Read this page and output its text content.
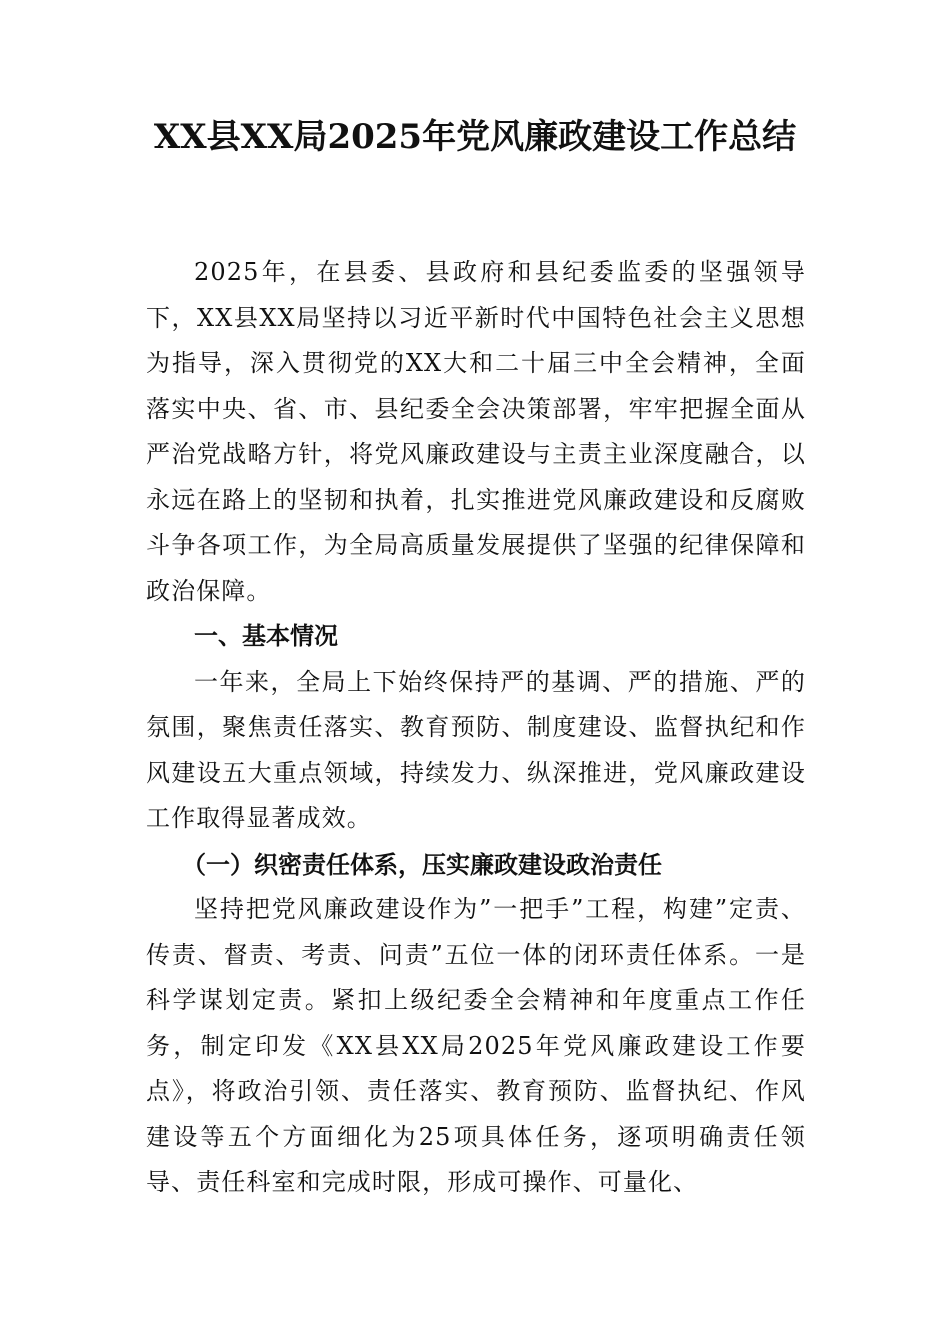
XX县XX局2025年党风廉政建设工作总结

2025年，在县委、县政府和县纪委监委的坚强领导下，XX县XX局坚持以习近平新时代中国特色社会主义思想为指导，深入贯彻党的XX大和二十届三中全会精神，全面落实中央、省、市、县纪委全会决策部署，牢牢把握全面从严治党战略方针，将党风廉政建设与主责主业深度融合，以永远在路上的坚韧和执着，扎实推进党风廉政建设和反腐败斗争各项工作，为全局高质量发展提供了坚强的纪律保障和政治保障。

一、基本情况

一年来，全局上下始终保持严的基调、严的措施、严的氛围，聚焦责任落实、教育预防、制度建设、监督执纪和作风建设五大重点领域，持续发力、纵深推进，党风廉政建设工作取得显著成效。

（一）织密责任体系，压实廉政建设政治责任

坚持把党风廉政建设作为”一把手”工程，构建”定责、传责、督责、考责、问责”五位一体的闭环责任体系。一是科学谋划定责。紧扣上级纪委全会精神和年度重点工作任务，制定印发《XX县XX局2025年党风廉政建设工作要点》，将政治引领、责任落实、教育预防、监督执纪、作风建设等五个方面细化为25项具体任务，逐项明确责任领导、责任科室和完成时限，形成可操作、可量化、
